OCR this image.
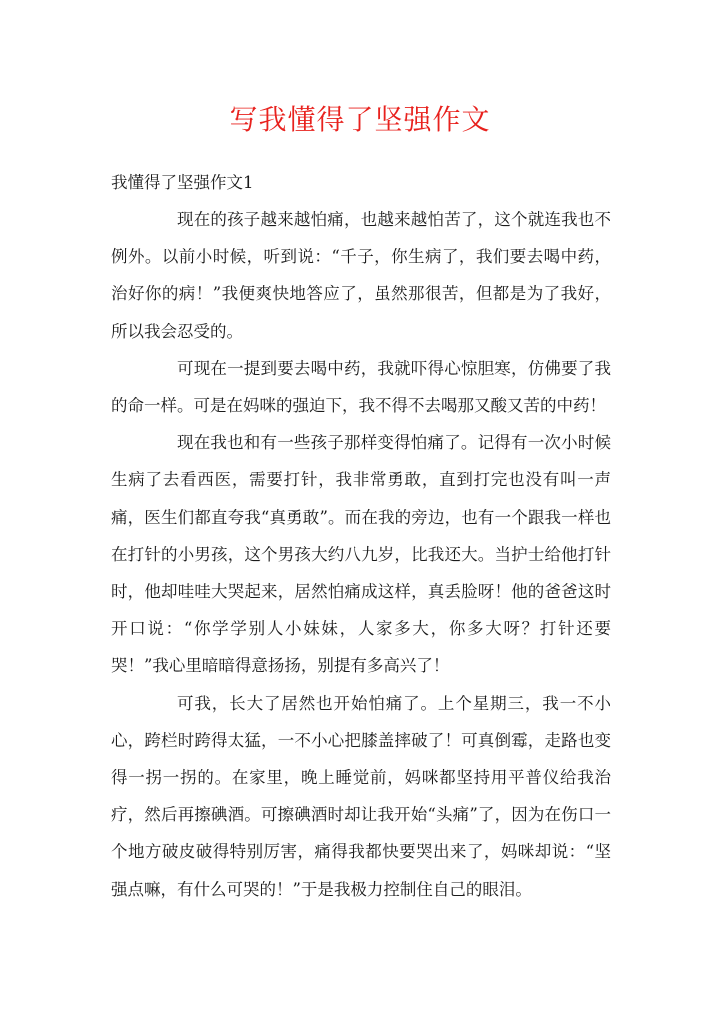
写我懂得了坚强作文
我懂得了坚强作文1

现在的孩子越来越怕痛，也越来越怕苦了，这个就连我也不例外。以前小时候，听到说：“千子，你生病了，我们要去喝中药，治好你的病！”我便爽快地答应了，虽然那很苦，但都是为了我好，所以我会忍受的。

可现在一提到要去喝中药，我就吓得心惊胆寒，仿佛要了我的命一样。可是在妈咪的强迫下，我不得不去喝那又酸又苦的中药！

现在我也和有一些孩子那样变得怕痛了。记得有一次小时候生病了去看西医，需要打针，我非常勇敢，直到打完也没有叫一声痛，医生们都直夸我“真勇敢”。而在我的旁边，也有一个跟我一样也在打针的小男孩，这个男孩大约八九岁，比我还大。当护士给他打针时，他却哇哇大哭起来，居然怕痛成这样，真丢脸呀！他的爸爸这时开口说：“你学学别人小妹妹，人家多大，你多大呀？打针还要哭！”我心里暗暗得意扬扬，别提有多高兴了！

可我，长大了居然也开始怕痛了。上个星期三，我一不小心，跨栏时跨得太猛，一不小心把膝盖摔破了！可真倒霉，走路也变得一拐一拐的。在家里，晚上睡觉前，妈咪都坚持用平普仪给我治疗，然后再擦碘酒。可擦碘酒时却让我开始“头痛”了，因为在伤口一个地方破皮破得特别厉害，痛得我都快要哭出来了，妈咪却说：“坚强点嘛，有什么可哭的！”于是我极力控制住自己的眼泪。
